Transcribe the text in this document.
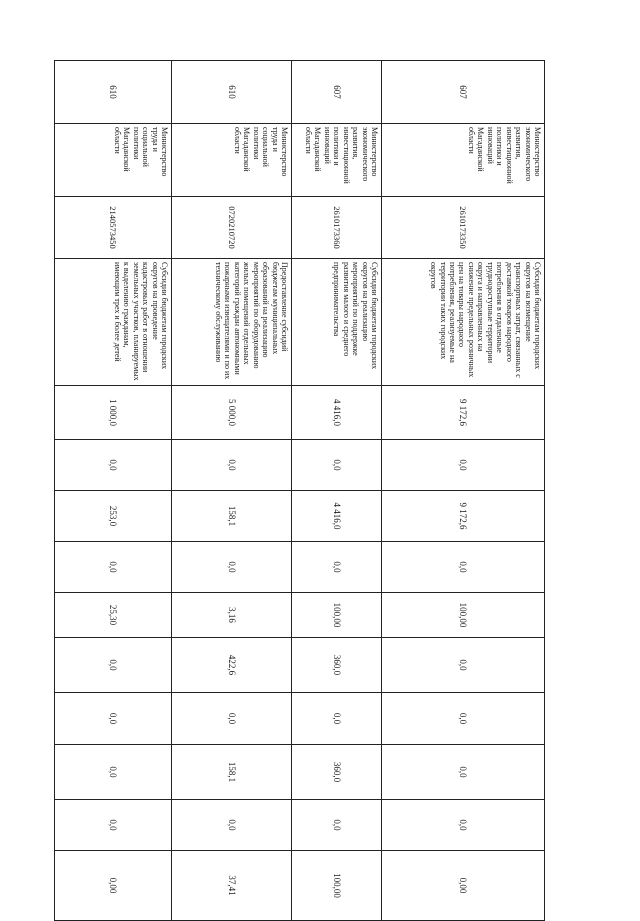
607	Министерство экономического развития, инвестиционной политики и инноваций Магаданской области	2610173350	Субсидии бюджетам городских округов на возмещение транспортных затрат, связанных с доставкой товаров народного потребления в отдаленные труднодоступные территории округа и направленных на снижение предельных розничных цен на товары народного потребления, реализуемые на территории таких городских округов	9 172,6	0,0	9 172,6	0,0	100,00	0,0	0,0	0,0	0,0	0,00
607	Министерство экономического развития, инвестиционной политики и инноваций Магаданской области	2610173360	Субсидии бюджетам городских округов на реализацию мероприятий по поддержке развития малого и среднего предпринимательства	4 416,0	0,0	4 416,0	0,0	100,00	360,0	0,0	360,0	0,0	100,00
610	Министерство труда и социальной политики Магаданской области	0720210720	Предоставление субсидий бюджетам муниципальных образований на реализацию мероприятий по оборудованию жилых помещений отдельных категорий граждан автономными пожарными извещателями и по их техническому обслуживанию	5 000,0	0,0	158,1	0,0	3,16	422,6	0,0	158,1	0,0	37,41
610	Министерство труда и социальной политики Магаданской области	2140573450	Субсидии бюджетам городских округов на проведение кадастровых работ в отношении земельных участков, планируемых к выделению гражданам, имеющим трех и более детей	1 000,0	0,0	253,0	0,0	25,30	0,0	0,0	0,0	0,0	0,00
